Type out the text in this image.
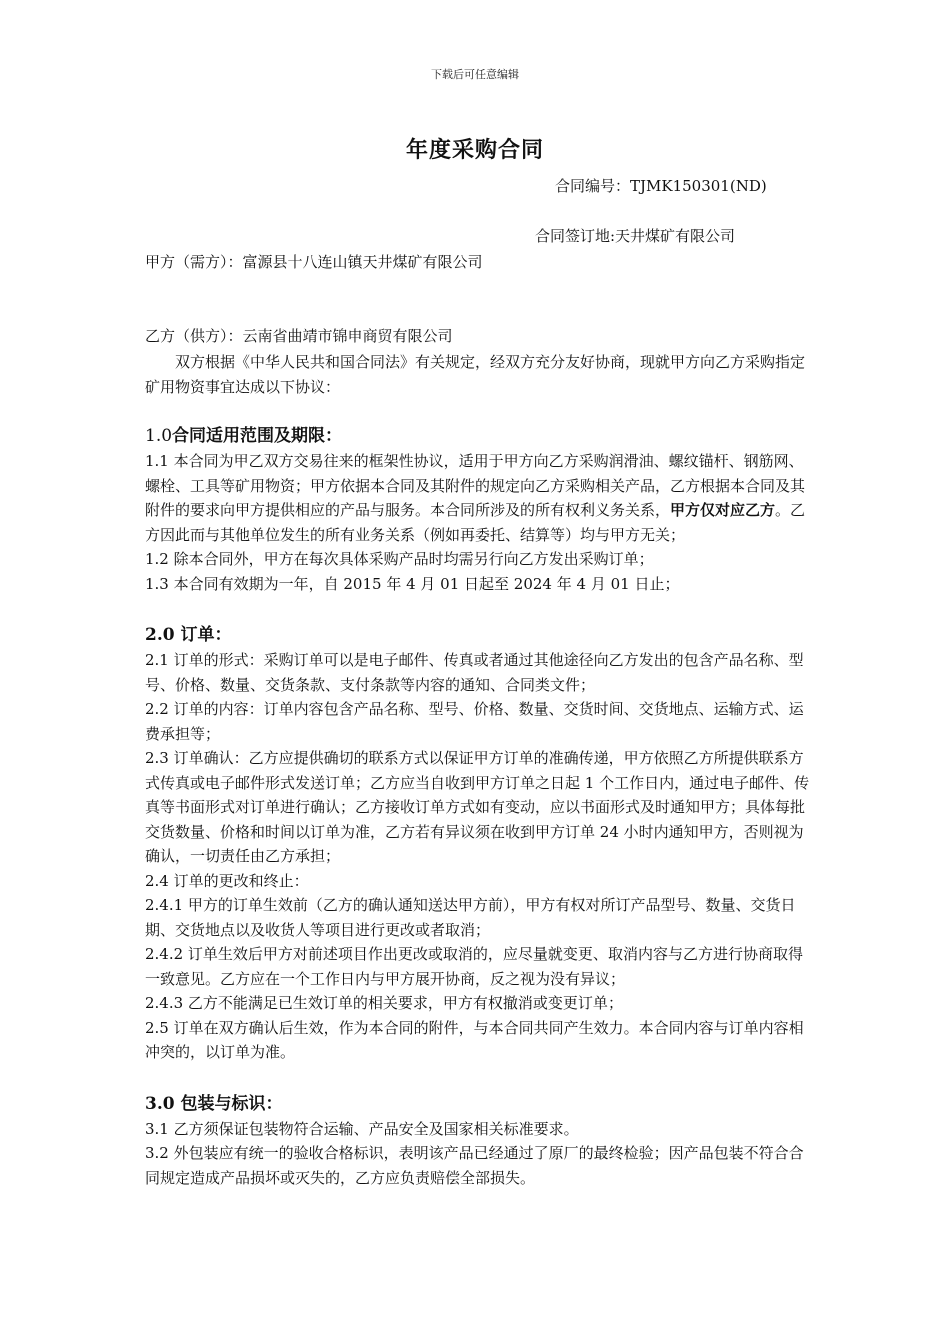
下载后可任意编辑
年度采购合同
合同编号：TJMK150301(ND)
合同签订地:天井煤矿有限公司
甲方（需方）：富源县十八连山镇天井煤矿有限公司
乙方（供方）：云南省曲靖市锦申商贸有限公司

双方根据《中华人民共和国合同法》有关规定，经双方充分友好协商，现就甲方向乙方采购指定矿用物资事宜达成以下协议：

1.0合同适用范围及期限：

1.1 本合同为甲乙双方交易往来的框架性协议，适用于甲方向乙方采购润滑油、螺纹锚杆、钢筋网、螺栓、工具等矿用物资；甲方依据本合同及其附件的规定向乙方采购相关产品，乙方根据本合同及其附件的要求向甲方提供相应的产品与服务。本合同所涉及的所有权利义务关系，甲方仅对应乙方。乙方因此而与其他单位发生的所有业务关系（例如再委托、结算等）均与甲方无关；

1.2 除本合同外，甲方在每次具体采购产品时均需另行向乙方发出采购订单；

1.3 本合同有效期为一年，自 2015 年 4 月 01 日起至 2024 年 4 月 01 日止；

2.0 订单：

2.1 订单的形式：采购订单可以是电子邮件、传真或者通过其他途径向乙方发出的包含产品名称、型号、价格、数量、交货条款、支付条款等内容的通知、合同类文件；

2.2 订单的内容：订单内容包含产品名称、型号、价格、数量、交货时间、交货地点、运输方式、运费承担等；

2.3 订单确认：乙方应提供确切的联系方式以保证甲方订单的准确传递，甲方依照乙方所提供联系方式传真或电子邮件形式发送订单；乙方应当自收到甲方订单之日起 1 个工作日内，通过电子邮件、传真等书面形式对订单进行确认；乙方接收订单方式如有变动，应以书面形式及时通知甲方；具体每批交货数量、价格和时间以订单为准，乙方若有异议须在收到甲方订单 24 小时内通知甲方，否则视为确认，一切责任由乙方承担；

2.4 订单的更改和终止：

2.4.1 甲方的订单生效前（乙方的确认通知送达甲方前），甲方有权对所订产品型号、数量、交货日期、交货地点以及收货人等项目进行更改或者取消；

2.4.2 订单生效后甲方对前述项目作出更改或取消的，应尽量就变更、取消内容与乙方进行协商取得一致意见。乙方应在一个工作日内与甲方展开协商，反之视为没有异议；

2.4.3 乙方不能满足已生效订单的相关要求，甲方有权撤消或变更订单；

2.5 订单在双方确认后生效，作为本合同的附件，与本合同共同产生效力。本合同内容与订单内容相冲突的，以订单为准。

3.0 包装与标识：

3.1 乙方须保证包装物符合运输、产品安全及国家相关标准要求。

3.2 外包装应有统一的验收合格标识，表明该产品已经通过了原厂的最终检验；因产品包装不符合合同规定造成产品损坏或灭失的，乙方应负责赔偿全部损失。
